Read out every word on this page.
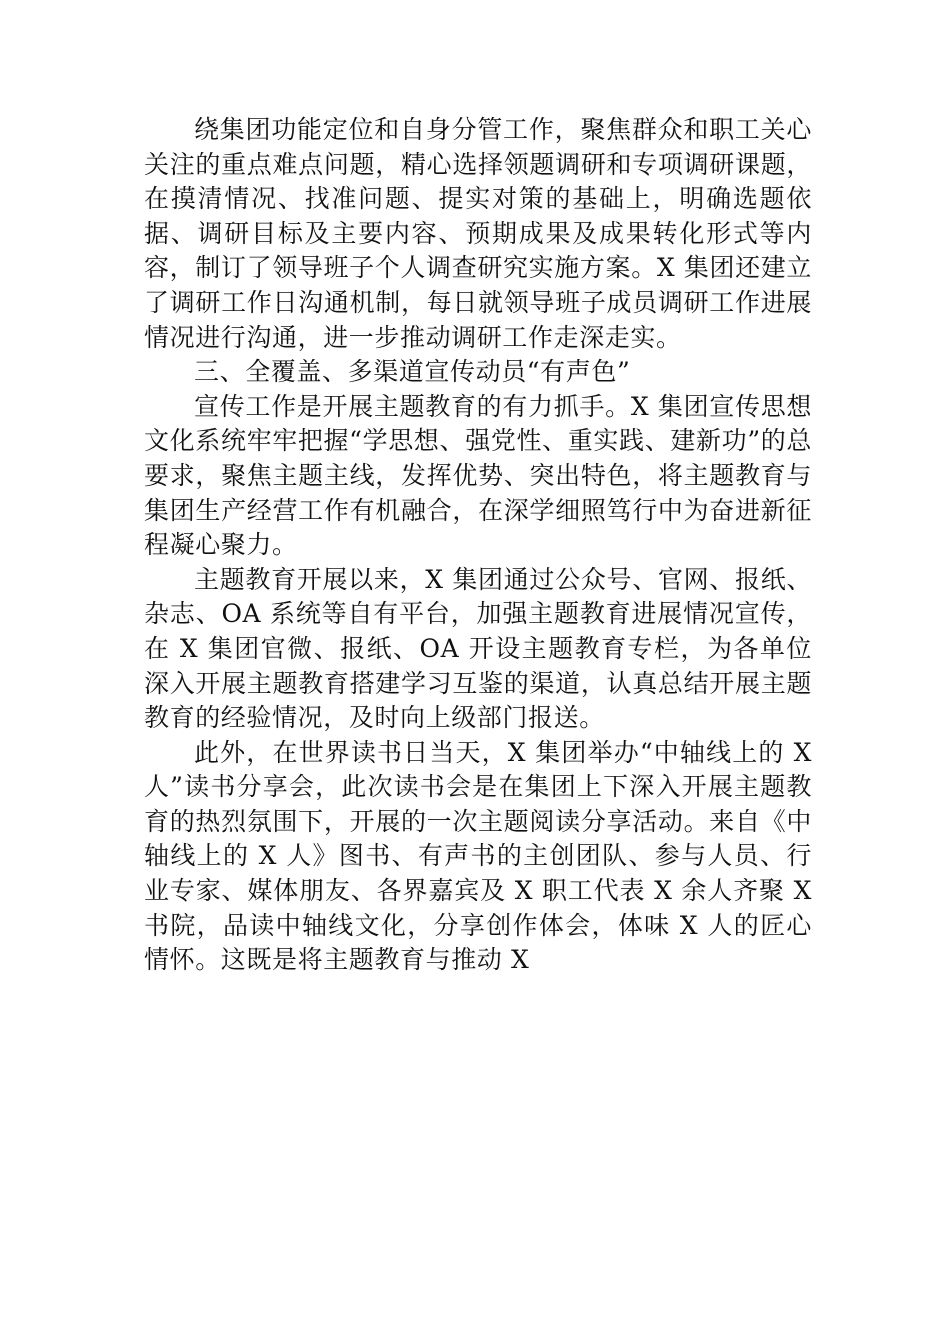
绕集团功能定位和自身分管工作，聚焦群众和职工关心关注的重点难点问题，精心选择领题调研和专项调研课题，在摸清情况、找准问题、提实对策的基础上，明确选题依据、调研目标及主要内容、预期成果及成果转化形式等内容，制订了领导班子个人调查研究实施方案。X 集团还建立了调研工作日沟通机制，每日就领导班子成员调研工作进展情况进行沟通，进一步推动调研工作走深走实。

三、全覆盖、多渠道宣传动员“有声色”

宣传工作是开展主题教育的有力抓手。X 集团宣传思想文化系统牢牢把握“学思想、强党性、重实践、建新功”的总要求，聚焦主题主线，发挥优势、突出特色，将主题教育与集团生产经营工作有机融合，在深学细照笃行中为奋进新征程凝心聚力。

主题教育开展以来，X 集团通过公众号、官网、报纸、杂志、OA 系统等自有平台，加强主题教育进展情况宣传，在 X 集团官微、报纸、OA 开设主题教育专栏，为各单位深入开展主题教育搭建学习互鉴的渠道，认真总结开展主题教育的经验情况，及时向上级部门报送。

此外，在世界读书日当天，X 集团举办“中轴线上的 X 人”读书分享会，此次读书会是在集团上下深入开展主题教育的热烈氛围下，开展的一次主题阅读分享活动。来自《中轴线上的 X 人》图书、有声书的主创团队、参与人员、行业专家、媒体朋友、各界嘉宾及 X 职工代表 X 余人齐聚 X 书院，品读中轴线文化，分享创作体会，体味 X 人的匠心情怀。这既是将主题教育与推动 X
